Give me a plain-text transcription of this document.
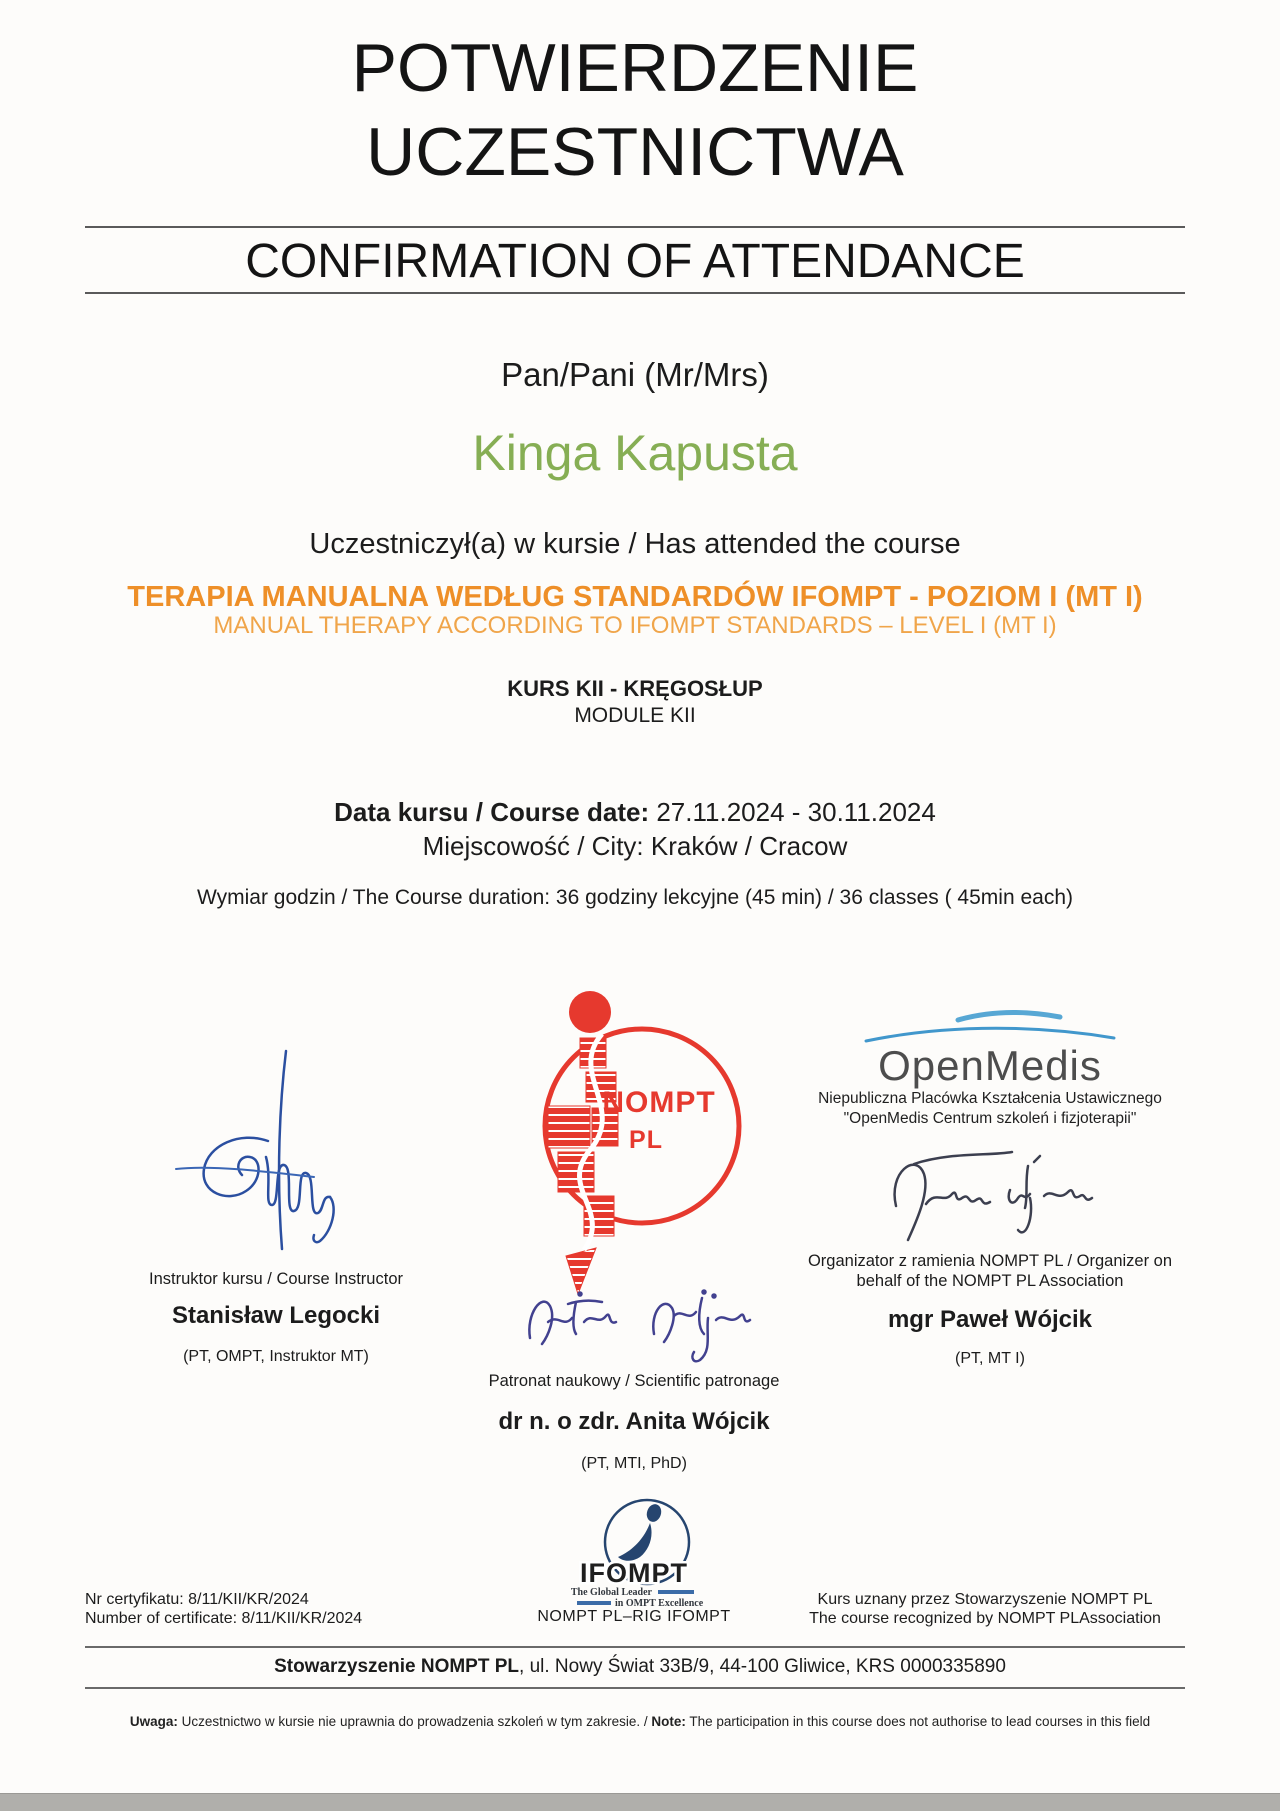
POTWIERDZENIE
UCZESTNICTWA
CONFIRMATION OF ATTENDANCE
Pan/Pani (Mr/Mrs)
Kinga Kapusta
Uczestniczył(a) w kursie / Has attended the course
TERAPIA MANUALNA WEDŁUG STANDARDÓW IFOMPT - POZIOM I (MT I)
MANUAL THERAPY ACCORDING TO IFOMPT STANDARDS – LEVEL I (MT I)
KURS KII - KRĘGOSŁUP
MODULE KII
Data kursu / Course date: 27.11.2024 - 30.11.2024
Miejscowość / City: Kraków / Cracow
Wymiar godzin / The Course duration: 36 godziny lekcyjne (45 min) / 36 classes ( 45min each)
NOMPT
PL
OpenMedis
Niepubliczna Placówka Kształcenia Ustawicznego
"OpenMedis Centrum szkoleń i fizjoterapii"
Instruktor kursu / Course Instructor
Stanisław Legocki
(PT, OMPT, Instruktor MT)
Patronat naukowy / Scientific patronage
dr n. o zdr. Anita Wójcik
(PT, MTI, PhD)
Organizator z ramienia NOMPT PL / Organizer on
behalf of the NOMPT PL Association
mgr Paweł Wójcik
(PT, MT I)
IFOMPT
The Global Leader
in OMPT Excellence
NOMPT PL–RIG IFOMPT
Nr certyfikatu: 8/11/KII/KR/2024
Number of certificate: 8/11/KII/KR/2024
Kurs uznany przez Stowarzyszenie NOMPT PL
The course recognized by NOMPT PLAssociation
Stowarzyszenie NOMPT PL, ul. Nowy Świat 33B/9, 44-100 Gliwice, KRS 0000335890
Uwaga: Uczestnictwo w kursie nie uprawnia do prowadzenia szkoleń w tym zakresie. / Note: The participation in this course does not authorise to lead courses in this field
